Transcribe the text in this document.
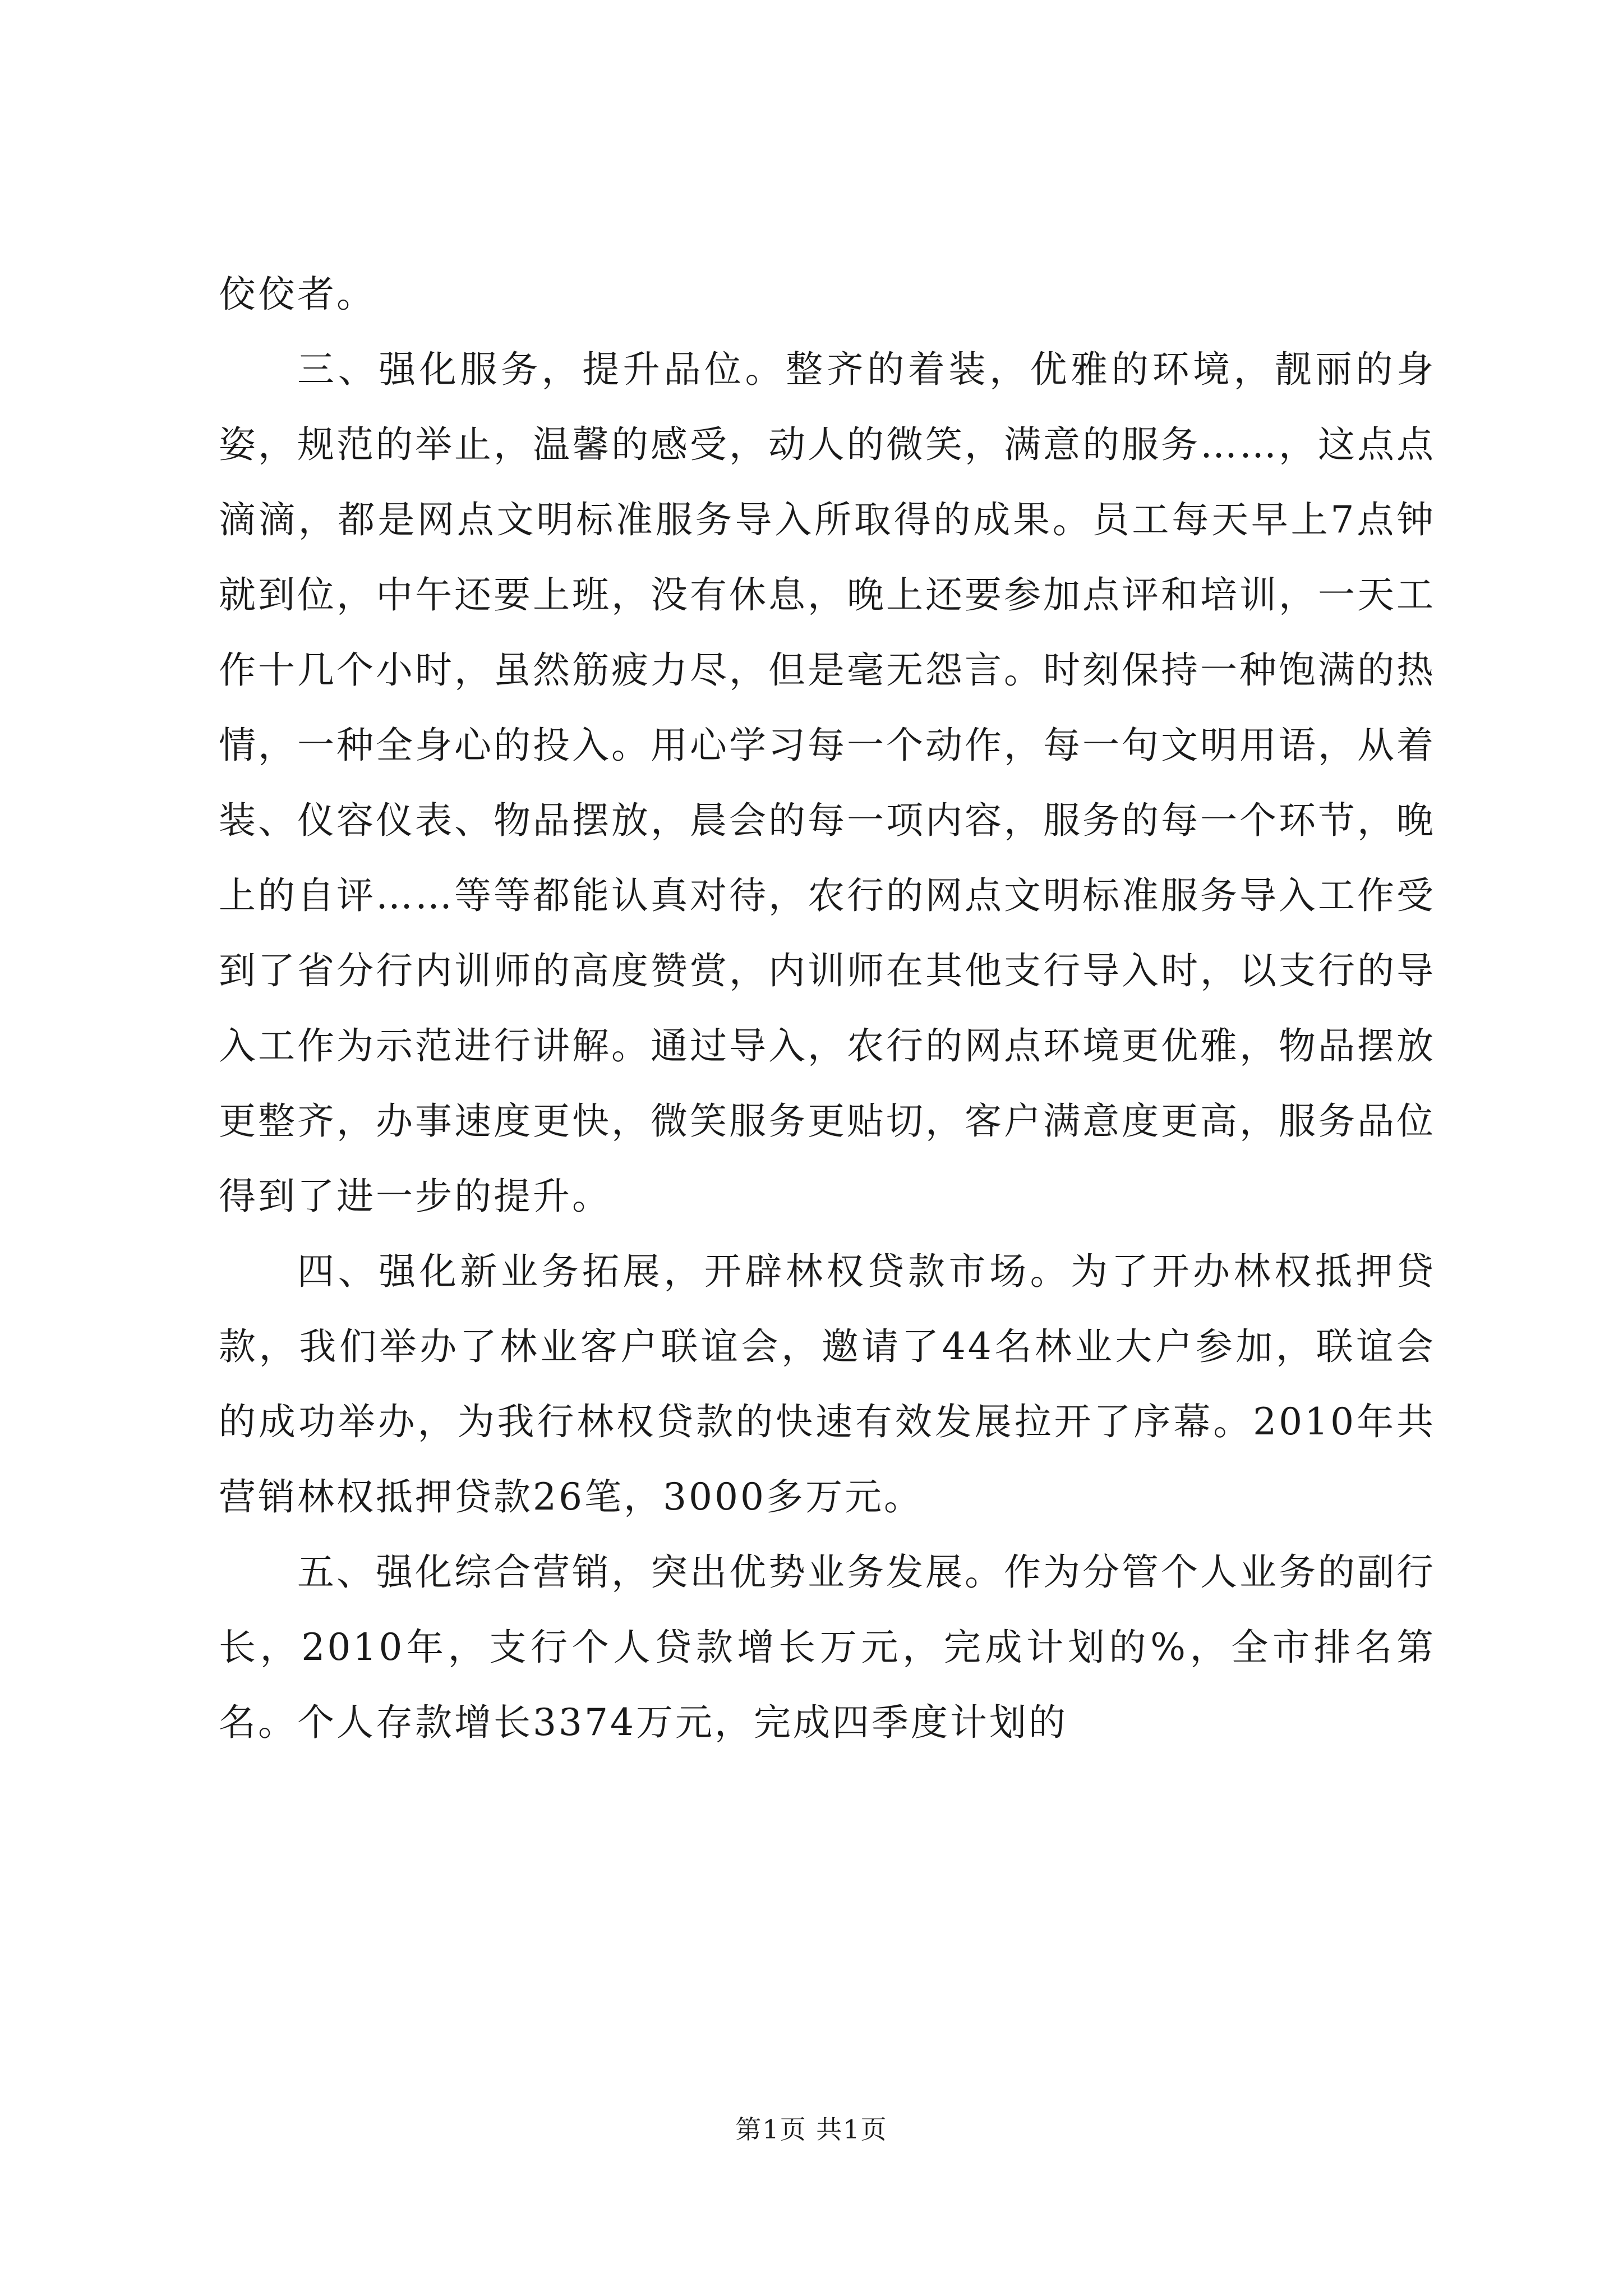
佼佼者。

三、强化服务，提升品位。整齐的着装，优雅的环境，靓丽的身姿，规范的举止，温馨的感受，动人的微笑，满意的服务……，这点点滴滴，都是网点文明标准服务导入所取得的成果。员工每天早上7点钟就到位，中午还要上班，没有休息，晚上还要参加点评和培训，一天工作十几个小时，虽然筋疲力尽，但是毫无怨言。时刻保持一种饱满的热情，一种全身心的投入。用心学习每一个动作，每一句文明用语，从着装、仪容仪表、物品摆放，晨会的每一项内容，服务的每一个环节，晚上的自评……等等都能认真对待，农行的网点文明标准服务导入工作受到了省分行内训师的高度赞赏，内训师在其他支行导入时，以支行的导入工作为示范进行讲解。通过导入，农行的网点环境更优雅，物品摆放更整齐，办事速度更快，微笑服务更贴切，客户满意度更高，服务品位得到了进一步的提升。

四、强化新业务拓展，开辟林权贷款市场。为了开办林权抵押贷款，我们举办了林业客户联谊会，邀请了44名林业大户参加，联谊会的成功举办，为我行林权贷款的快速有效发展拉开了序幕。2010年共营销林权抵押贷款26笔，3000多万元。

五、强化综合营销，突出优势业务发展。作为分管个人业务的副行长，2010年，支行个人贷款增长万元，完成计划的%，全市排名第名。个人存款增长3374万元，完成四季度计划的

第1页 共1页
